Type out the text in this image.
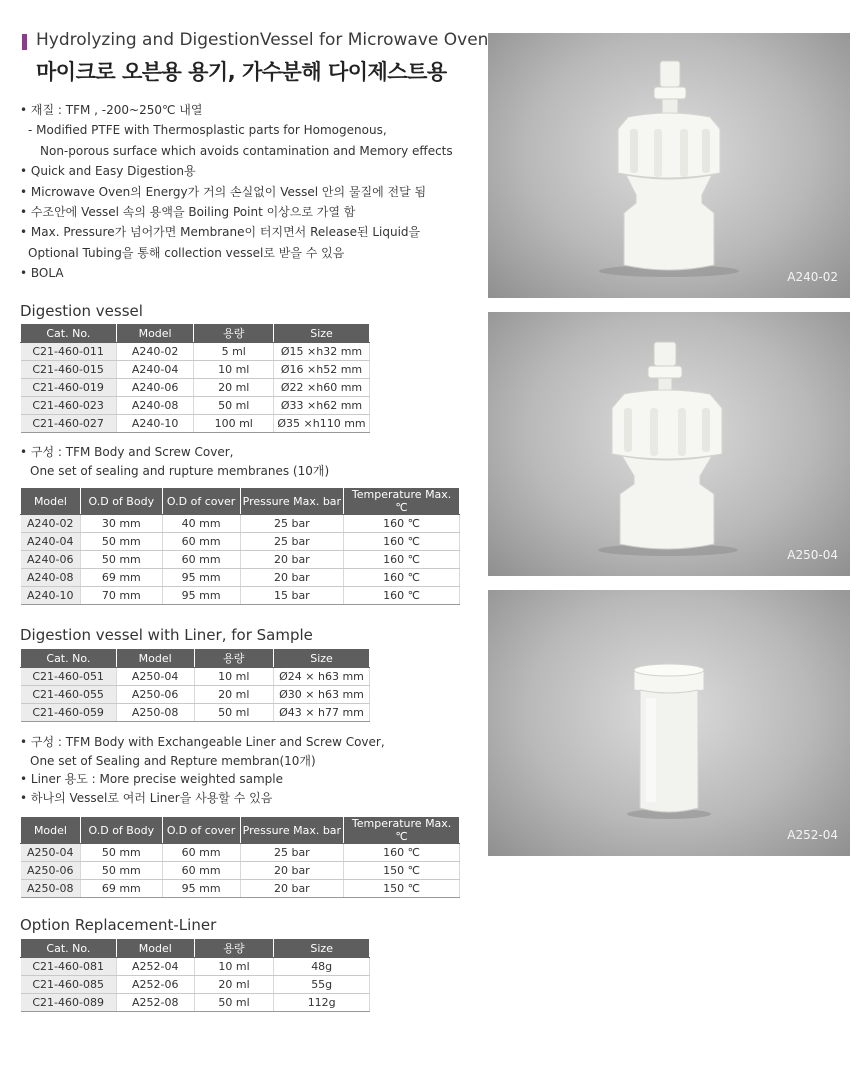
Hydrolyzing and DigestionVessel for Microwave Oven
마이크로 오븐용 용기, 가수분해 다이제스트용
• 재질 : TFM , -200~250℃ 내열
- Modified PTFE with Thermosplastic parts for Homogenous,
Non-porous surface which avoids contamination and Memory effects
• Quick and Easy Digestion용
• Microwave Oven의 Energy가 거의 손실없이 Vessel 안의 물질에 전달 됨
• 수조안에 Vessel 속의 용액을 Boiling Point 이상으로 가열 함
• Max. Pressure가 넘어가면 Membrane이 터지면서 Release된 Liquid을
Optional Tubing을 통해 collection vessel로 받을 수 있음
• BOLA
Digestion vessel
Cat. No.	Model	용량	Size
C21-460-011	A240-02	5 ml	Ø15 ×h32 mm
C21-460-015	A240-04	10 ml	Ø16 ×h52 mm
C21-460-019	A240-06	20 ml	Ø22 ×h60 mm
C21-460-023	A240-08	50 ml	Ø33 ×h62 mm
C21-460-027	A240-10	100 ml	Ø35 ×h110 mm
• 구성 : TFM Body and Screw Cover,
One set of sealing and rupture membranes (10개)
Model	O.D of Body	O.D of cover	Pressure Max. bar	Temperature Max. ℃
A240-02	30 mm	40 mm	25 bar	160 ℃
A240-04	50 mm	60 mm	25 bar	160 ℃
A240-06	50 mm	60 mm	20 bar	160 ℃
A240-08	69 mm	95 mm	20 bar	160 ℃
A240-10	70 mm	95 mm	15 bar	160 ℃
Digestion vessel with Liner, for Sample
Cat. No.	Model	용량	Size
C21-460-051	A250-04	10 ml	Ø24 × h63 mm
C21-460-055	A250-06	20 ml	Ø30 × h63 mm
C21-460-059	A250-08	50 ml	Ø43 × h77 mm
• 구성 : TFM Body with Exchangeable Liner and Screw Cover,
One set of Sealing and Repture membran(10개)
• Liner 용도 : More precise weighted sample
• 하나의 Vessel로 여러 Liner을 사용할 수 있음
Model	O.D of Body	O.D of cover	Pressure Max. bar	Temperature Max. ℃
A250-04	50 mm	60 mm	25 bar	160 ℃
A250-06	50 mm	60 mm	20 bar	150 ℃
A250-08	69 mm	95 mm	20 bar	150 ℃
Option Replacement-Liner
Cat. No.	Model	용량	Size
C21-460-081	A252-04	10 ml	48g
C21-460-085	A252-06	20 ml	55g
C21-460-089	A252-08	50 ml	112g
A240-02
A250-04
A252-04
